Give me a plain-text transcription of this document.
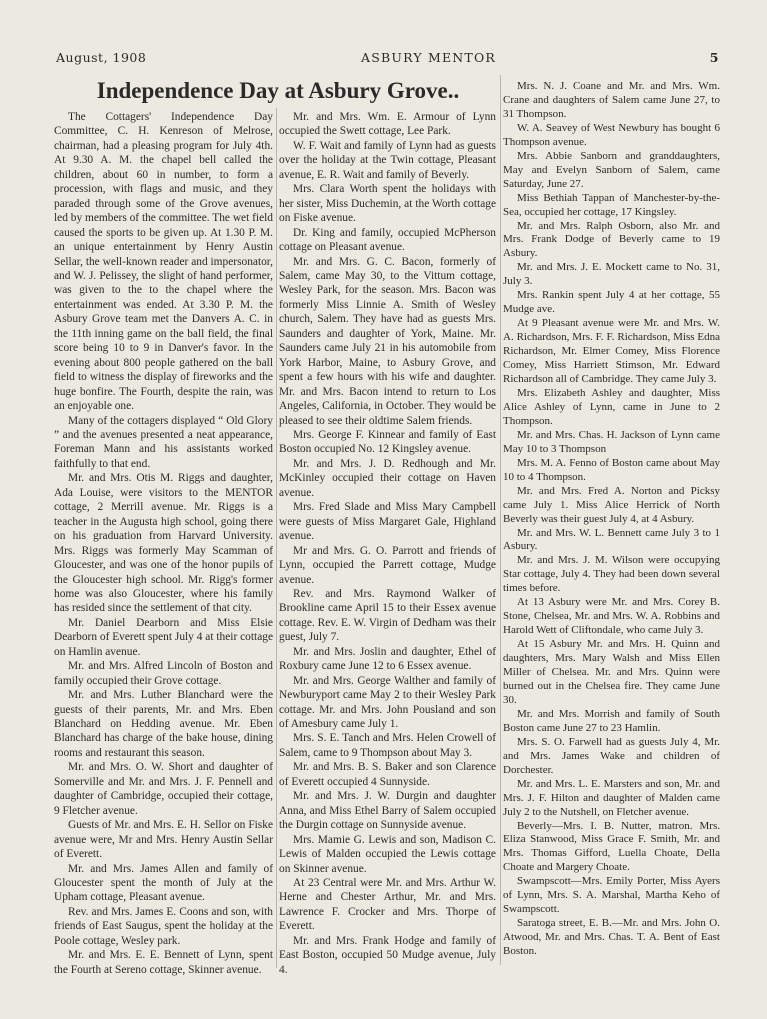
August, 1908	ASBURY MENTOR	5
Independence Day at Asbury Grove..

The Cottagers' Independence Day Committee, C. H. Kenreson of Melrose, chairman, had a pleasing program for July 4th. At 9.30 A. M. the chapel bell called the children, about 60 in number, to form a procession, with flags and music, and they paraded through some of the Grove avenues, led by members of the committee. The wet field caused the sports to be given up. At 1.30 P. M. an unique entertainment by Henry Austin Sellar, the well-known reader and impersonator, and W. J. Pelissey, the slight of hand performer, was given to the to the chapel where the entertainment was ended. At 3.30 P. M. the Asbury Grove team met the Danvers A. C. in the 11th inning game on the ball field, the final score being 10 to 9 in Danver's favor. In the evening about 800 people gathered on the ball field to witness the display of fireworks and the huge bonfire. The Fourth, despite the rain, was an enjoyable one.

Many of the cottagers displayed “ Old Glory ” and the avenues presented a neat appearance, Foreman Mann and his assistants worked faithfully to that end.

Mr. and Mrs. Otis M. Riggs and daughter, Ada Louise, were visitors to the MENTOR cottage, 2 Merrill avenue. Mr. Riggs is a teacher in the Augusta high school, going there on his graduation from Harvard University. Mrs. Riggs was formerly May Scamman of Gloucester, and was one of the honor pupils of the Gloucester high school. Mr. Rigg's former home was also Gloucester, where his family has resided since the settlement of that city.

Mr. Daniel Dearborn and Miss Elsie Dearborn of Everett spent July 4 at their cottage on Hamlin avenue.

Mr. and Mrs. Alfred Lincoln of Boston and family occupied their Grove cottage.

Mr. and Mrs. Luther Blanchard were the guests of their parents, Mr. and Mrs. Eben Blanchard on Hedding avenue. Mr. Eben Blanchard has charge of the bake house, dining rooms and restaurant this season.

Mr. and Mrs. O. W. Short and daughter of Somerville and Mr. and Mrs. J. F. Pennell and daughter of Cambridge, occupied their cottage, 9 Fletcher avenue.

Guests of Mr. and Mrs. E. H. Sellor on Fiske avenue were, Mr and Mrs. Henry Austin Sellar of Everett.

Mr. and Mrs. James Allen and family of Gloucester spent the month of July at the Upham cottage, Pleasant avenue.

Rev. and Mrs. James E. Coons and son, with friends of East Saugus, spent the holiday at the Poole cottage, Wesley park.

Mr. and Mrs. E. E. Bennett of Lynn, spent the Fourth at Sereno cottage, Skinner avenue.

Mr. and Mrs. Wm. E. Armour of Lynn occupied the Swett cottage, Lee Park.

W. F. Wait and family of Lynn had as guests over the holiday at the Twin cottage, Pleasant avenue, E. R. Wait and family of Beverly.

Mrs. Clara Worth spent the holidays with her sister, Miss Duchemin, at the Worth cottage on Fiske avenue.

Dr. King and family, occupied McPherson cottage on Pleasant avenue.

Mr. and Mrs. G. C. Bacon, formerly of Salem, came May 30, to the Vittum cottage, Wesley Park, for the season. Mrs. Bacon was formerly Miss Linnie A. Smith of Wesley church, Salem. They have had as guests Mrs. Saunders and daughter of York, Maine. Mr. Saunders came July 21 in his automobile from York Harbor, Maine, to Asbury Grove, and spent a few hours with his wife and daughter. Mr. and Mrs. Bacon intend to return to Los Angeles, California, in October. They would be pleased to see their oldtime Salem friends.

Mrs. George F. Kinnear and family of East Boston occupied No. 12 Kingsley avenue.

Mr. and Mrs. J. D. Redhough and Mr. McKinley occupied their cottage on Haven avenue.

Mrs. Fred Slade and Miss Mary Campbell were guests of Miss Margaret Gale, Highland avenue.

Mr and Mrs. G. O. Parrott and friends of Lynn, occupied the Parrett cottage, Mudge avenue.

Rev. and Mrs. Raymond Walker of Brookline came April 15 to their Essex avenue cottage. Rev. E. W. Virgin of Dedham was their guest, July 7.

Mr. and Mrs. Joslin and daughter, Ethel of Roxbury came June 12 to 6 Essex avenue.

Mr. and Mrs. George Walther and family of Newburyport came May 2 to their Wesley Park cottage. Mr. and Mrs. John Pousland and son of Amesbury came July 1.

Mrs. S. E. Tanch and Mrs. Helen Crowell of Salem, came to 9 Thompson about May 3.

Mr. and Mrs. B. S. Baker and son Clarence of Everett occupied 4 Sunnyside.

Mr. and Mrs. J. W. Durgin and daughter Anna, and Miss Ethel Barry of Salem occupied the Durgin cottage on Sunnyside avenue.

Mrs. Mamie G. Lewis and son, Madison C. Lewis of Malden occupied the Lewis cottage on Skinner avenue.

At 23 Central were Mr. and Mrs. Arthur W. Herne and Chester Arthur, Mr. and Mrs. Lawrence F. Crocker and Mrs. Thorpe of Everett.

Mr. and Mrs. Frank Hodge and family of East Boston, occupied 50 Mudge avenue, July 4.

Mrs. N. J. Coane and Mr. and Mrs. Wm. Crane and daughters of Salem came June 27, to 31 Thompson.

W. A. Seavey of West Newbury has bought 6 Thompson avenue.

Mrs. Abbie Sanborn and granddaughters, May and Evelyn Sanborn of Salem, came Saturday, June 27.

Miss Bethiah Tappan of Manchester-by-the-Sea, occupied her cottage, 17 Kingsley.

Mr. and Mrs. Ralph Osborn, also Mr. and Mrs. Frank Dodge of Beverly came to 19 Asbury.

Mr. and Mrs. J. E. Mockett came to No. 31, July 3.

Mrs. Rankin spent July 4 at her cottage, 55 Mudge ave.

At 9 Pleasant avenue were Mr. and Mrs. W. A. Richardson, Mrs. F. F. Richardson, Miss Edna Richardson, Mr. Elmer Comey, Miss Florence Comey, Miss Harriett Stimson, Mr. Edward Richardson all of Cambridge. They came July 3.

Mrs. Elizabeth Ashley and daughter, Miss Alice Ashley of Lynn, came in June to 2 Thompson.

Mr. and Mrs. Chas. H. Jackson of Lynn came May 10 to 3 Thompson

Mrs. M. A. Fenno of Boston came about May 10 to 4 Thompson.

Mr. and Mrs. Fred A. Norton and Picksy came July 1. Miss Alice Herrick of North Beverly was their guest July 4, at 4 Asbury.

Mr. and Mrs. W. L. Bennett came July 3 to 1 Asbury.

Mr. and Mrs. J. M. Wilson were occupying Star cottage, July 4. They had been down several times before.

At 13 Asbury were Mr. and Mrs. Corey B. Stone, Chelsea, Mr. and Mrs. W. A. Robbins and Harold Wett of Cliftondale, who came July 3.

At 15 Asbury Mr. and Mrs. H. Quinn and daughters, Mrs. Mary Walsh and Miss Ellen Miller of Chelsea. Mr. and Mrs. Quinn were burned out in the Chelsea fire. They came June 30.

Mr. and Mrs. Morrish and family of South Boston came June 27 to 23 Hamlin.

Mrs. S. O. Farwell had as guests July 4, Mr. and Mrs. James Wake and children of Dorchester.

Mr. and Mrs. L. E. Marsters and son, Mr. and Mrs. J. F. Hilton and daughter of Malden came July 2 to the Nutshell, on Fletcher avenue.

Beverly—Mrs. I. B. Nutter, matron. Mrs. Eliza Stanwood, Miss Grace F. Smith, Mr. and Mrs. Thomas Gifford, Luella Choate, Della Choate and Margery Choate.

Swampscott—Mrs. Emily Porter, Miss Ayers of Lynn, Mrs. S. A. Marshal, Martha Keho of Swampscott.

Saratoga street, E. B.—Mr. and Mrs. John O. Atwood, Mr. and Mrs. Chas. T. A. Bent of East Boston.
